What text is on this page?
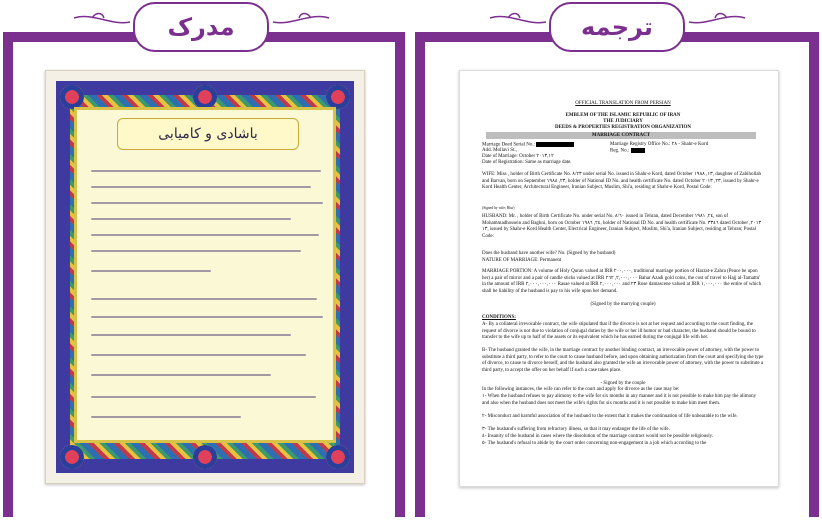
مدرک	ترجمه
باشادی و کامیابی
OFFICIAL TRANSLATION FROM PERSIAN
EMBLEM OF THE ISLAMIC REPUBLIC OF IRAN
THE JUDICIARY
DEEDS & PROPERTIES REGISTRATION ORGANIZATION
MARRIAGE CONTRACT
Marriage Deed Serial No.:	Marriage Registry Office No.: ٢٨ - Shahr-e Kord
Add. Mollavi St.,	Reg. No.:
Date of Marriage: October ٢٠١٣,١٢
Date of Registration: Same as marriage date.
WIFE: Miss , holder of Birth Certificate No. ٨/٢٣ under serial No. issued in Shahr-e Kord, dated October ١٣, ١٩٨٨, daughter of Zabihollah and Barvan, born on September ٢٣, ١٩٨٨, holder of National ID No. and health certificate No. dated October ٢٣, ٢٠١٣, issued by Shahr-e Kord Health Center, Architectural Engineer, Iranian Subject, Muslim, Shi'a, residing at Shahr-e Kord, Postal Code:
(Signed by wife; Blur)
HUSBAND: Mr. , holder of Birth Certificate No. under serial No. ٨/٦٠ issued in Tehran, dated December ٢٤, ١٩٨١, son of Mohammadhossein and Baghni, born on October ٢٤, ١٩٨٦, holder of National ID No. and health certificate No. ٣٣٤٦ dated October ٢٠١٣, ١٣, issued by Shahr-e Kord Health Center, Electrical Engineer, Iranian Subject, Muslim, Shi'a, Iranian Subject, residing at Tehran; Postal Code:
Does the husband have another wife? No. (Signed by the husband)
NATURE OF MARRIAGE: Permanent
MARRIAGE PORTION: A volume of Holy Quran valued at IRR ٢٠٠,٠٠٠, traditional marriage portion of Hazrat-e Zahra (Peace be upon her) a pair of mirror and a pair of candle sticks valued at IRR ٢,٠٠٠,٠٠٠, ٢٦٢ Bahar Azadi gold coins, the cost of travel to Hajj al-Tamattu' in the amount of IRR ٢,٠٠٠,٠٠٠,٠٠٠ Rasae valued at IRR ٢,٠٠٠,٠٠٠ and ٢٣ Rose damascene valued at IRR ١,٠٠٠,٠٠٠ the entire of which shall be liability of the husband is pay to his wife upon her demand.
(Signed by the marrying couple)
CONDITIONS:
A- By a collateral irrevocable contract, the wife stipulated that if the divorce is not at her request and according to the court finding, the request of divorce is not due to violation of conjugal duties by the wife or her ill humor or bad character, the husband should be bound to transfer to the wife up to half of the assets or its equivalent which he has earned during the conjugal life with her.
B- The husband granted the wife, in the marriage contract by another binding contract, an irrevocable power of attorney, with the power to substitute a third party, to refer to the court to cause husband before, and upon obtaining authorization from the court and specifying the type of divorce, to cause to divorce herself, and the husband also granted the wife an irrevocable power of attorney, with the power to substitute a third party, to accept the offer on her behalf if such a case takes place.
- Signed by the couple
In the following instances, the wife can refer to the court and apply for divorce as the case may be:
١- When the husband refuses to pay alimony to the wife for six months in any manner and it is not possible to make him pay the alimony and also when the husband does not meet the wife's rights for six months and it is not possible to make him meet them.
٢- Misconduct and harmful association of the husband to the extent that it makes the continuation of life unbearable to the wife.
٣- The husband's suffering from refractory illness, so that it may endanger the life of the wife.
٤- Insanity of the husband in cases where the dissolution of the marriage contract would not be possible religiously.
٥- The husband's refusal to abide by the court order concerning non-engagement in a job which according to the
